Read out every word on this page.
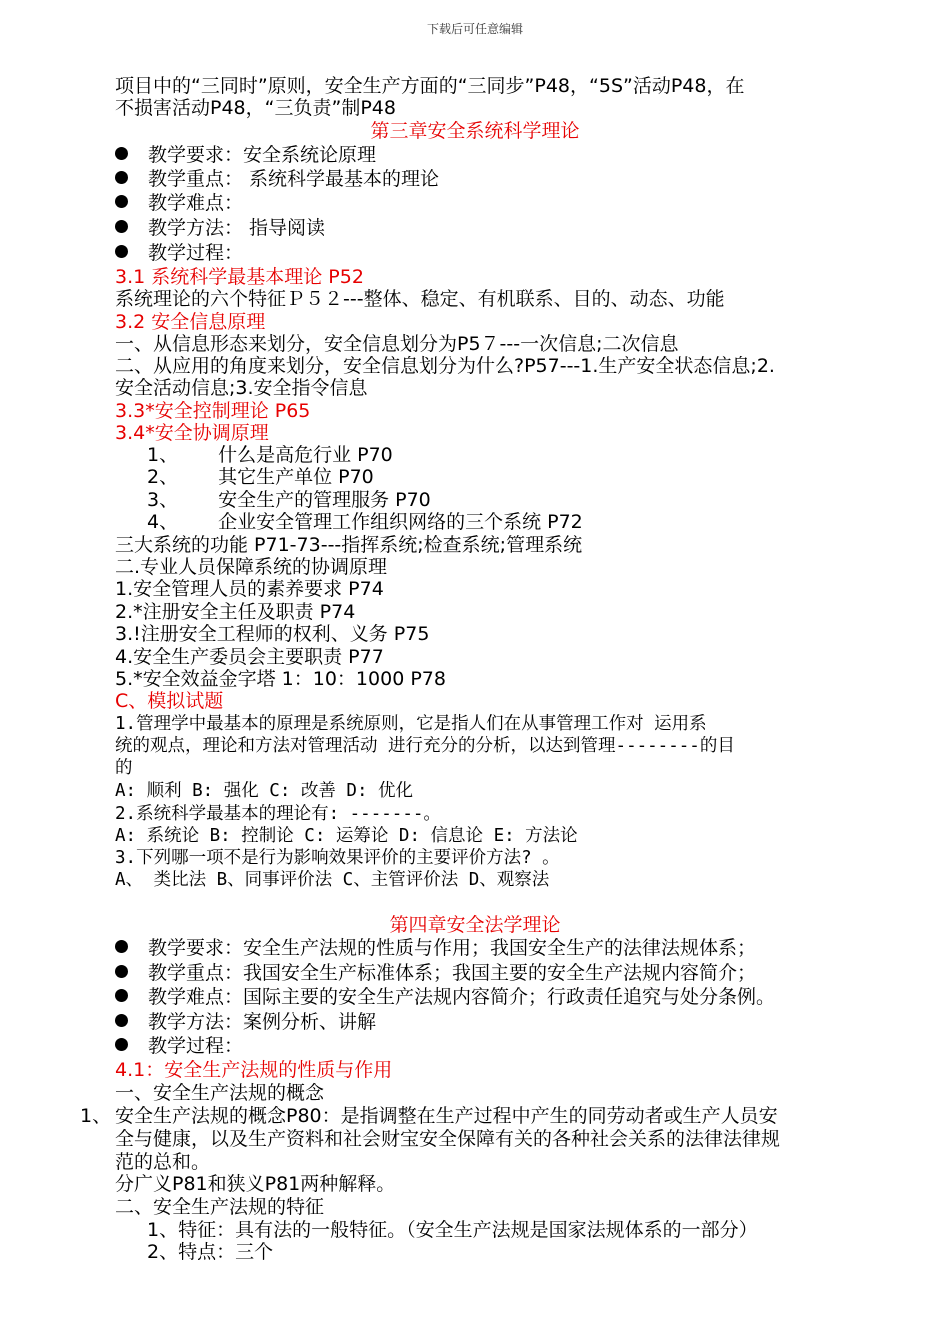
下载后可任意编辑
项目中的“三同时”原则，安全生产方面的“三同步”P48，“5S”活动P48，在
不损害活动P48，“三负责”制P48
第三章安全系统科学理论
教学要求：安全系统论原理
教学重点： 系统科学最基本的理论
教学难点：
教学方法： 指导阅读
教学过程：
3.1 系统科学最基本理论 P52
系统理论的六个特征Ｐ５２---整体、稳定、有机联系、目的、动态、功能
3.2 安全信息原理
一、从信息形态来划分，安全信息划分为P5７---一次信息;二次信息
二、从应用的角度来划分，安全信息划分为什么?P57---1.生产安全状态信息;2.
安全活动信息;3.安全指令信息
3.3*安全控制理论 P65
3.4*安全协调原理
1、 什么是高危行业 P70
2、 其它生产单位 P70
3、 安全生产的管理服务 P70
4、 企业安全管理工作组织网络的三个系统 P72
三大系统的功能 P71-73---指挥系统;检查系统;管理系统
二.专业人员保障系统的协调原理
1.安全管理人员的素养要求 P74
2.*注册安全主任及职责 P74
3.!注册安全工程师的权利、义务 P75
4.安全生产委员会主要职责 P77
5.*安全效益金字塔 1：10：1000 P78
C、模拟试题
1.管理学中最基本的原理是系统原则，它是指人们在从事管理工作对 运用系
统的观点，理论和方法对管理活动 进行充分的分析，以达到管理--------的目
的
A: 顺利 B: 强化 C: 改善 D: 优化
2.系统科学最基本的理论有: -------。
A: 系统论 B: 控制论 C: 运筹论 D: 信息论 E: 方法论
3.下列哪一项不是行为影响效果评价的主要评价方法? 。
A、 类比法 B、同事评价法 C、主管评价法 D、观察法
第四章安全法学理论
教学要求：安全生产法规的性质与作用；我国安全生产的法律法规体系；
教学重点：我国安全生产标准体系；我国主要的安全生产法规内容简介；
教学难点：国际主要的安全生产法规内容简介；行政责任追究与处分条例。
教学方法：案例分析、讲解
教学过程：
4.1：安全生产法规的性质与作用
一、安全生产法规的概念
1、 安全生产法规的概念P80：是指调整在生产过程中产生的同劳动者或生产人员安
全与健康，以及生产资料和社会财宝安全保障有关的各种社会关系的法律法律规
范的总和。
分广义P81和狭义P81两种解释。
二、安全生产法规的特征
1、特征：具有法的一般特征。（安全生产法规是国家法规体系的一部分）
2、特点：三个
